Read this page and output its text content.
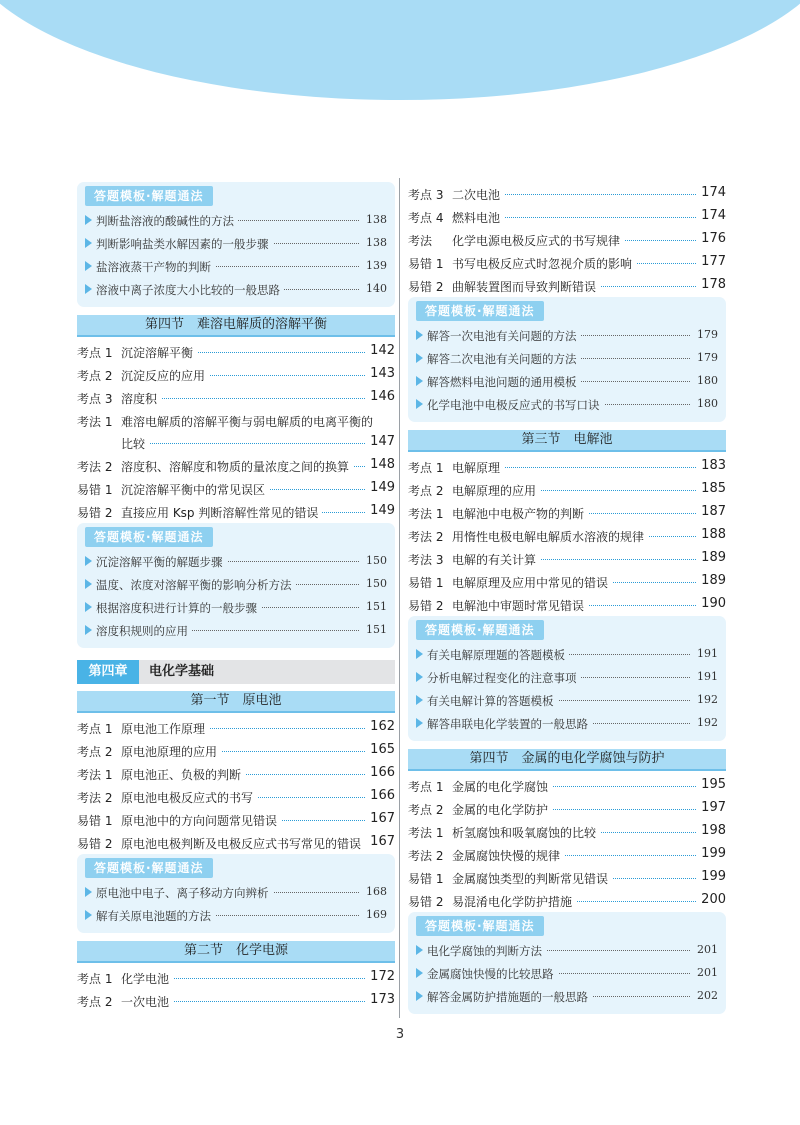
答题模板·解题通法
判断盐溶液的酸碱性的方法	138
判断影响盐类水解因素的一般步骤	138
盐溶液蒸干产物的判断	139
溶液中离子浓度大小比较的一般思路	140
第四节　难溶电解质的溶解平衡
考点 1 沉淀溶解平衡	142
考点 2 沉淀反应的应用	143
考点 3 溶度积	146
考法 1 难溶电解质的溶解平衡与弱电解质的电离平衡的
比较	147
考法 2 溶度积、溶解度和物质的量浓度之间的换算	148
易错 1 沉淀溶解平衡中的常见误区	149
易错 2 直接应用 Ksp 判断溶解性常见的错误	149
答题模板·解题通法
沉淀溶解平衡的解题步骤	150
温度、浓度对溶解平衡的影响分析方法	150
根据溶度积进行计算的一般步骤	151
溶度积规则的应用	151
第四章	电化学基础
第一节　原电池
考点 1 原电池工作原理	162
考点 2 原电池原理的应用	165
考法 1 原电池正、负极的判断	166
考法 2 原电池电极反应式的书写	166
易错 1 原电池中的方向问题常见错误	167
易错 2 原电池电极判断及电极反应式书写常见的错误 167
答题模板·解题通法
原电池中电子、离子移动方向辨析	168
解有关原电池题的方法	169
第二节　化学电源
考点 1 化学电池	172
考点 2 一次电池	173
考点 3 二次电池	174
考点 4 燃料电池	174
考法	化学电源电极反应式的书写规律	176
易错 1 书写电极反应式时忽视介质的影响	177
易错 2 曲解装置图而导致判断错误	178
答题模板·解题通法
解答一次电池有关问题的方法	179
解答二次电池有关问题的方法	179
解答燃料电池问题的通用模板	180
化学电池中电极反应式的书写口诀	180
第三节　电解池
考点 1 电解原理	183
考点 2 电解原理的应用	185
考法 1 电解池中电极产物的判断	187
考法 2 用惰性电极电解电解质水溶液的规律	188
考法 3 电解的有关计算	189
易错 1 电解原理及应用中常见的错误	189
易错 2 电解池中审题时常见错误	190
答题模板·解题通法
有关电解原理题的答题模板	191
分析电解过程变化的注意事项	191
有关电解计算的答题模板	192
解答串联电化学装置的一般思路	192
第四节　金属的电化学腐蚀与防护
考点 1 金属的电化学腐蚀	195
考点 2 金属的电化学防护	197
考法 1 析氢腐蚀和吸氧腐蚀的比较	198
考法 2 金属腐蚀快慢的规律	199
易错 1 金属腐蚀类型的判断常见错误	199
易错 2 易混淆电化学防护措施	200
答题模板·解题通法
电化学腐蚀的判断方法	201
金属腐蚀快慢的比较思路	201
解答金属防护措施题的一般思路	202
3
